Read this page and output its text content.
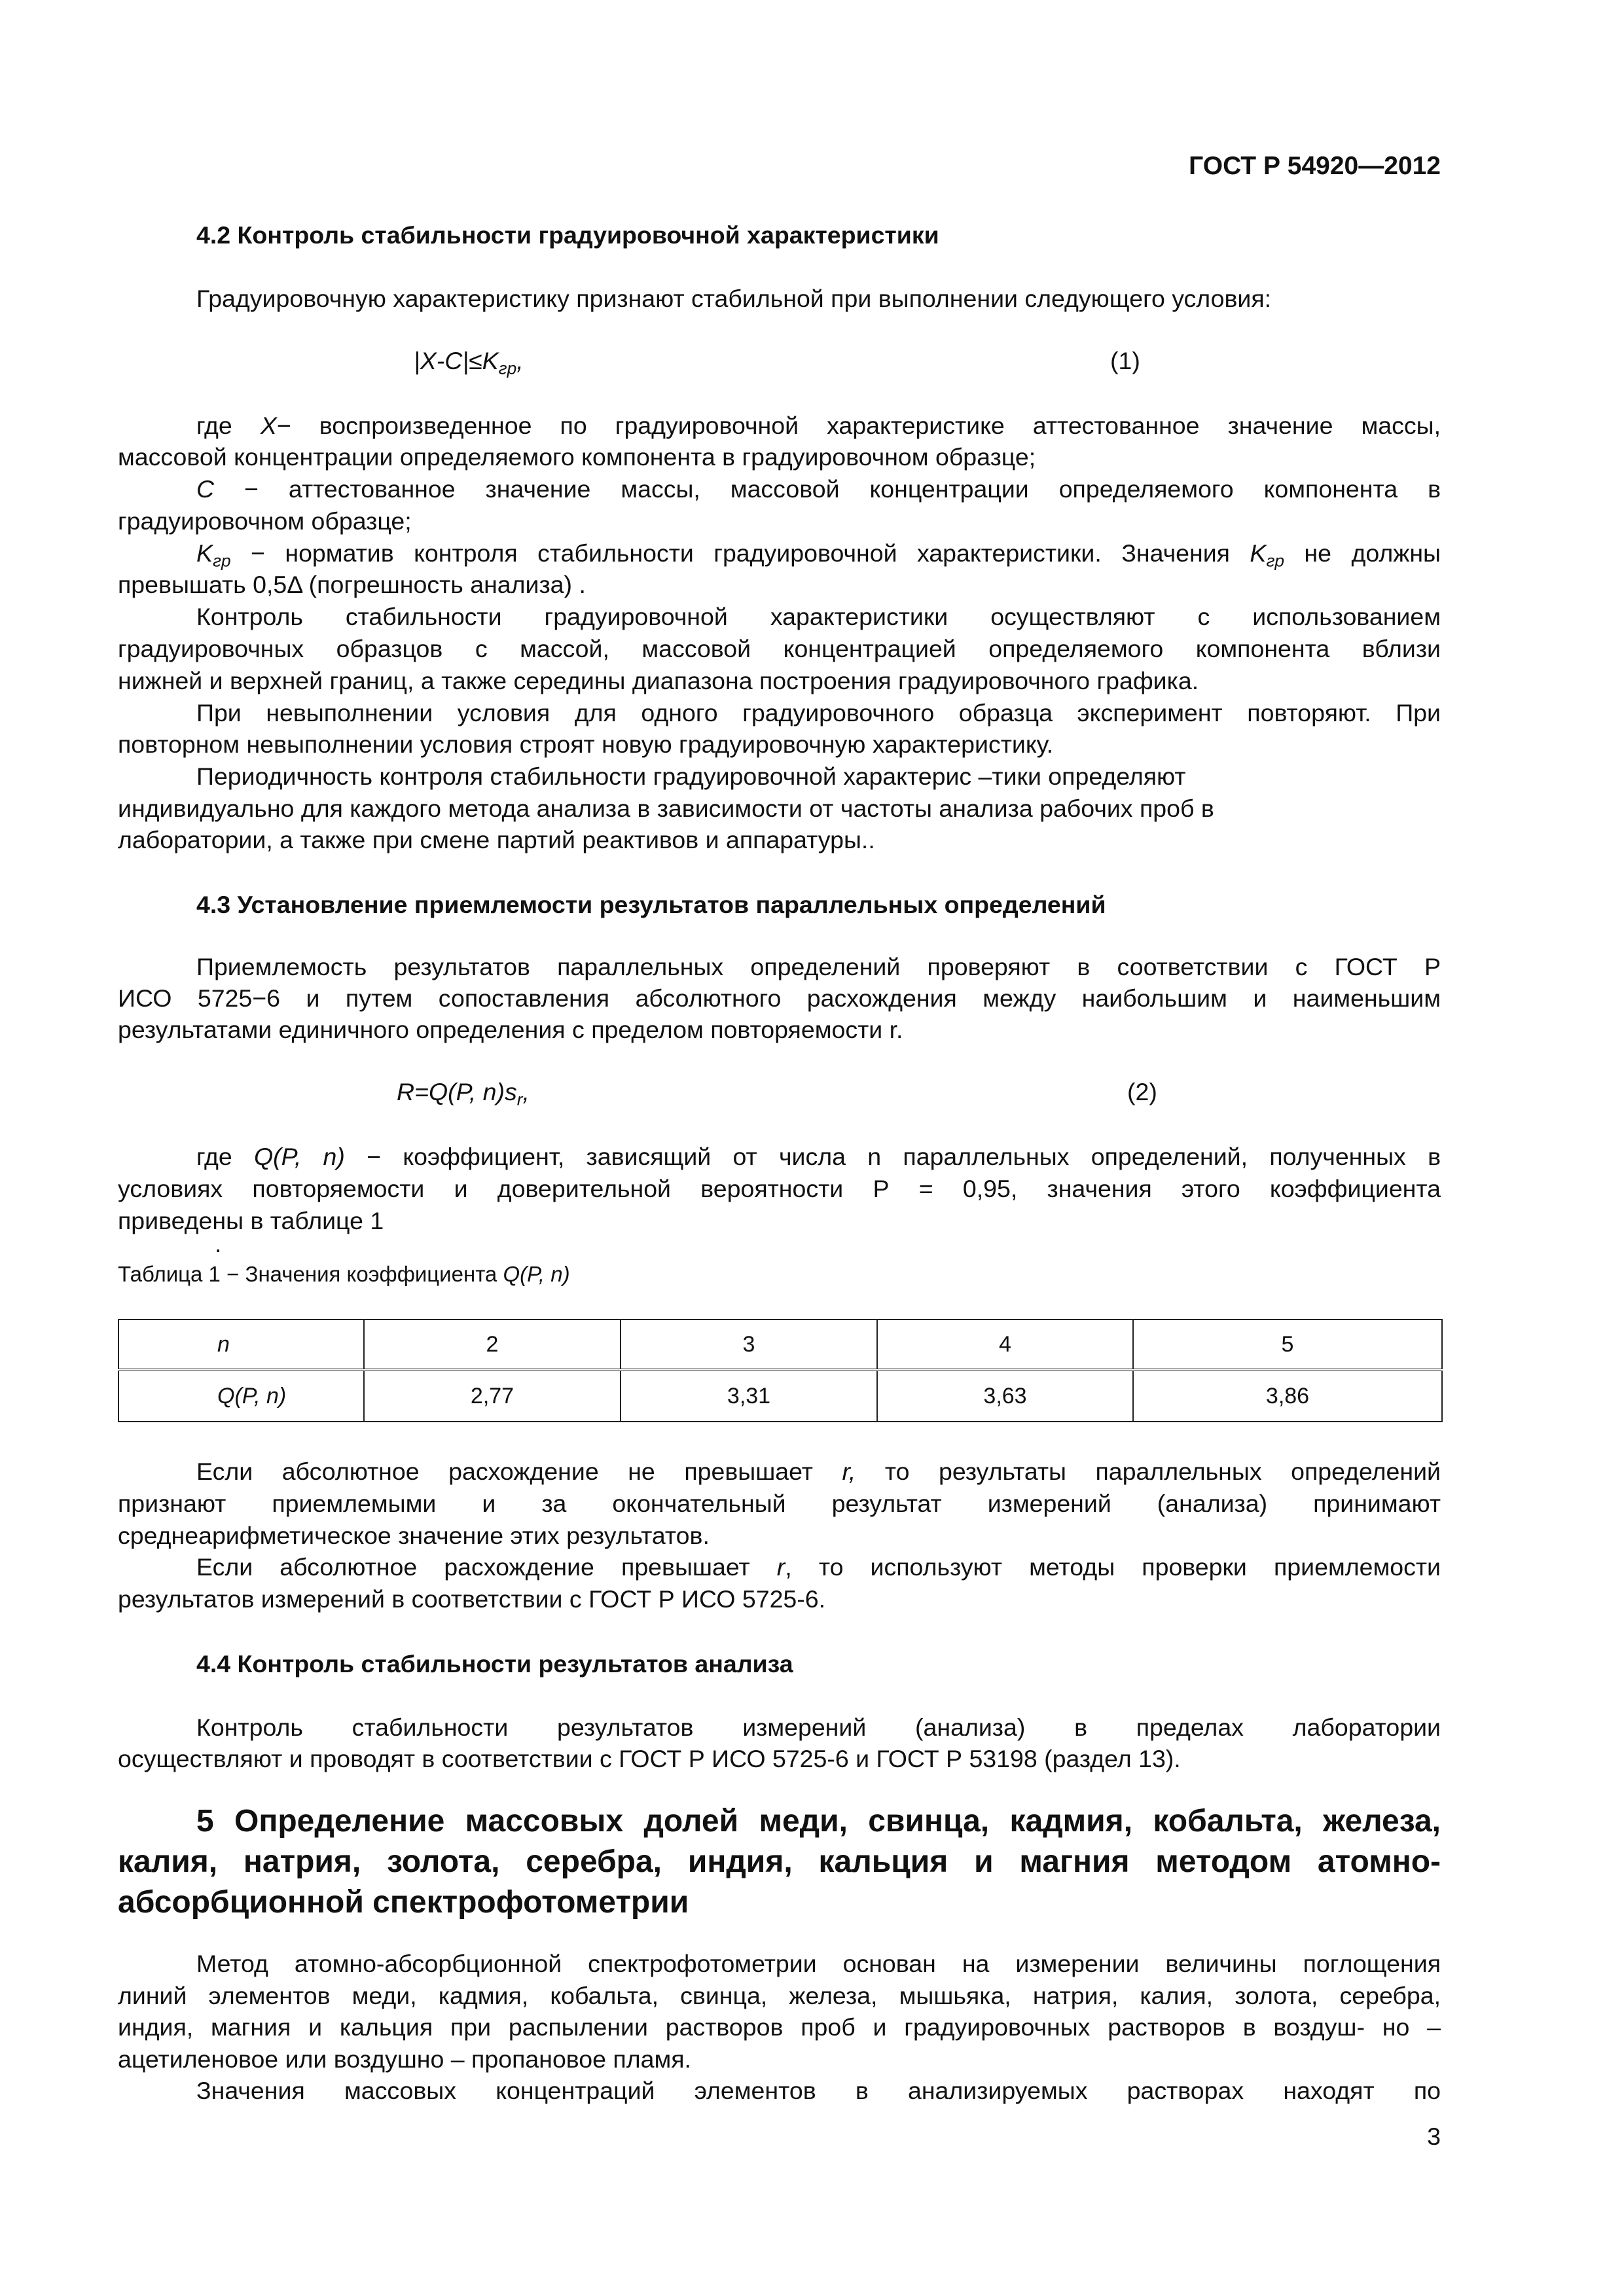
ГОСТ Р 54920—2012
4.2 Контроль стабильности градуировочной характеристики
Градуировочную характеристику признают стабильной при выполнении следующего условия:
$|X-C|\le K_{гр}$,	(1)
где X− воспроизведенное по градуировочной характеристике аттестованное значение массы,
массовой концентрации определяемого компонента в градуировочном образце;
С − аттестованное значение массы, массовой концентрации определяемого компонента в
градуировочном образце;
$K_{гр}$ − норматив контроля стабильности градуировочной характеристики. Значения $K_{гр}$ не должны
превышать 0,5Δ (погрешность анализа) .
Контроль стабильности градуировочной характеристики осуществляют с использованием
градуировочных образцов с массой, массовой концентрацией определяемого компонента вблизи
нижней и верхней границ, а также середины диапазона построения градуировочного графика.
При невыполнении условия для одного градуировочного образца эксперимент повторяют. При
повторном невыполнении условия строят новую градуировочную характеристику.
Периодичность контроля стабильности градуировочной характерис –тики определяют
индивидуально для каждого метода анализа в зависимости от частоты анализа рабочих проб в
лаборатории, а также при смене партий реактивов и аппаратуры..
4.3 Установление приемлемости результатов параллельных определений
Приемлемость результатов параллельных определений проверяют в соответствии с ГОСТ Р
ИСО 5725−6 и путем сопоставления абсолютного расхождения между наибольшим и наименьшим
результатами единичного определения с пределом повторяемости r.
R=Q(P, $n)s_r$,	(2)
где Q(P, n) − коэффициент, зависящий от числа n параллельных определений, полученных в
условиях повторяемости и доверительной вероятности Р = 0,95, значения этого коэффициента
приведены в таблице 1
.
Таблица 1 − Значения коэффициента Q(P, n)
n	2	3	4	5
Q(P, n)	2,77	3,31	3,63	3,86
Если абсолютное расхождение не превышает r, то результаты параллельных определений
признают приемлемыми и за окончательный результат измерений (анализа) принимают
среднеарифметическое значение этих результатов.
Если абсолютное расхождение превышает r, то используют методы проверки приемлемости
результатов измерений в соответствии с ГОСТ Р ИСО 5725-6.
4.4 Контроль стабильности результатов анализа
Контроль стабильности результатов измерений (анализа) в пределах лаборатории
осуществляют и проводят в соответствии с ГОСТ Р ИСО 5725-6 и ГОСТ Р 53198 (раздел 13).
5 Определение массовых долей меди, свинца, кадмия, кобальта, железа,
калия, натрия, золота, серебра, индия, кальция и магния методом атомно-
абсорбционной спектрофотометрии
Метод атомно-абсорбционной спектрофотометрии основан на измерении величины поглощения
линий элементов меди, кадмия, кобальта, свинца, железа, мышьяка, натрия, калия, золота, серебра,
индия, магния и кальция при распылении растворов проб и градуировочных растворов в воздуш- но –
ацетиленовое или воздушно – пропановое пламя.
Значения массовых концентраций элементов в анализируемых растворах находят по
3
